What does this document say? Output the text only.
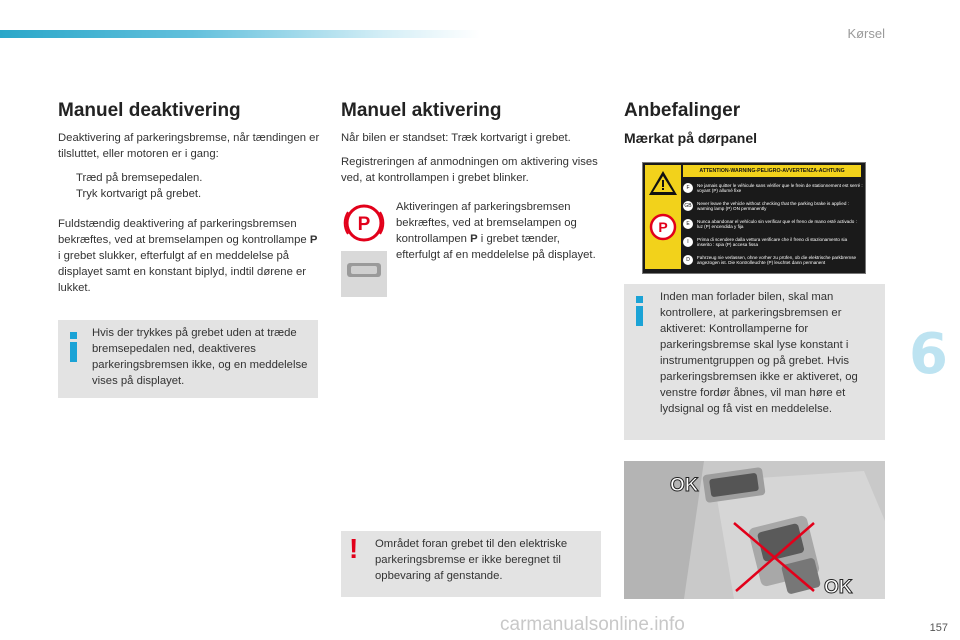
Kørsel
Manuel deaktivering

Deaktivering af parkeringsbremse, når tændingen er tilsluttet, eller motoren er i gang:

Træd på bremsepedalen.
Tryk kortvarigt på grebet.

Fuldstændig deaktivering af parkeringsbremsen bekræftes, ved at bremselampen og kontrollampe P i grebet slukker, efterfulgt af en meddelelse på displayet samt en konstant biplyd, indtil dørene er lukket.

Hvis der trykkes på grebet uden at træde bremsepedalen ned, deaktiveres parkeringsbremsen ikke, og en meddelelse vises på displayet.
Manuel aktivering

Når bilen er standset: Træk kortvarigt i grebet.

Registreringen af anmodningen om aktivering vises ved, at kontrollampen i grebet blinker.

P
Aktiveringen af parkeringsbremsen bekræftes, ved at bremselampen og kontrollampen P i grebet tænder, efterfulgt af en meddelelse på displayet.
! Området foran grebet til den elektriske parkeringsbremse er ikke beregnet til opbevaring af genstande.
Anbefalinger
Mærkat på dørpanel
ATTENTION-WARNING-PELIGRO-AVVERTENZA-ACHTUNG
P
F	Ne jamais quitter le véhicule sans vérifier que le frein de stationnement est serré : voyant (P) allumé fixe
GB	Never leave the vehicle without checking that the parking brake is applied : warning lamp (P) ON permanently
E	Nunca abandonar el vehículo sin verificar que el freno de mano esté activado : luz (P) encendida y fija
I	Prima di scendere dalla vettura verificare che il freno di stazionamento sia inserito : spia (P) accesa fissa
D	Fahrzeug nie verlassen, ohne vorher zu prüfen, ob die elektrische parkbremse angezogen ist. Die Kontrolleuchte (P) leuchtet dann permanent
Inden man forlader bilen, skal man kontrollere, at parkeringsbremsen er aktiveret: Kontrollamperne for parkeringsbremse skal lyse konstant i instrumentgruppen og på grebet. Hvis parkeringsbremsen ikke er aktiveret, og venstre fordør åbnes, vil man høre et lydsignal og få vist en meddelelse.
OK
OK
6
carmanualsonline.info	157
